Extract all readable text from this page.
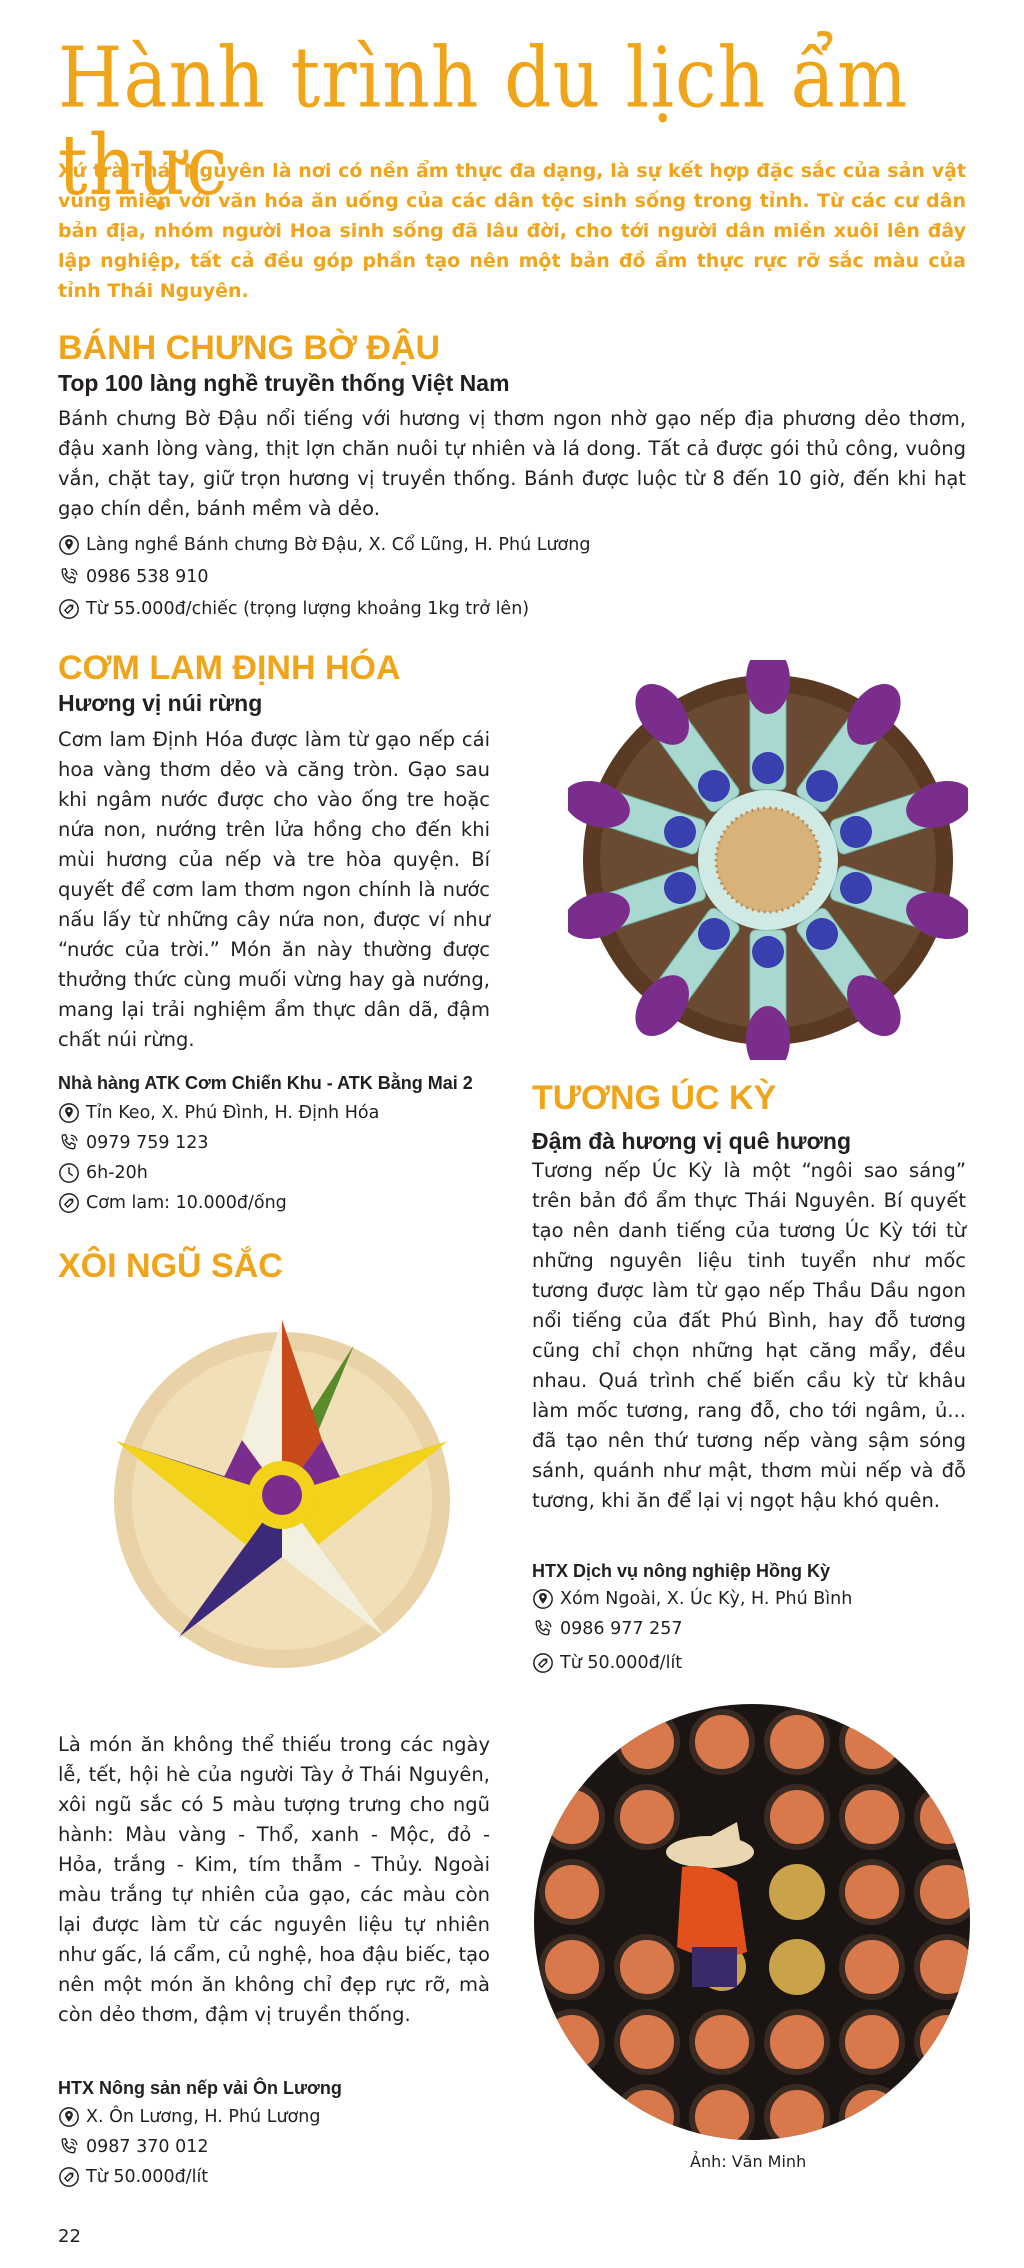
Hành trình du lịch ẩm thực
Xứ trà Thái Nguyên là nơi có nền ẩm thực đa dạng, là sự kết hợp đặc sắc của sản vật vùng miền với văn hóa ăn uống của các dân tộc sinh sống trong tỉnh. Từ các cư dân bản địa, nhóm người Hoa sinh sống đã lâu đời, cho tới người dân miền xuôi lên đây lập nghiệp, tất cả đều góp phần tạo nên một bản đồ ẩm thực rực rỡ sắc màu của tỉnh Thái Nguyên.
BÁNH CHƯNG BỜ ĐẬU
Top 100 làng nghề truyền thống Việt Nam
Bánh chưng Bờ Đậu nổi tiếng với hương vị thơm ngon nhờ gạo nếp địa phương dẻo thơm, đậu xanh lòng vàng, thịt lợn chăn nuôi tự nhiên và lá dong. Tất cả được gói thủ công, vuông vắn, chặt tay, giữ trọn hương vị truyền thống. Bánh được luộc từ 8 đến 10 giờ, đến khi hạt gạo chín dền, bánh mềm và dẻo.
Làng nghề Bánh chưng Bờ Đậu, X. Cổ Lũng, H. Phú Lương
0986 538 910
Từ 55.000đ/chiếc (trọng lượng khoảng 1kg trở lên)
CƠM LAM ĐỊNH HÓA
Hương vị núi rừng
Cơm lam Định Hóa được làm từ gạo nếp cái hoa vàng thơm dẻo và căng tròn. Gạo sau khi ngâm nước được cho vào ống tre hoặc nứa non, nướng trên lửa hồng cho đến khi mùi hương của nếp và tre hòa quyện. Bí quyết để cơm lam thơm ngon chính là nước nấu lấy từ những cây nứa non, được ví như “nước của trời.” Món ăn này thường được thưởng thức cùng muối vừng hay gà nướng, mang lại trải nghiệm ẩm thực dân dã, đậm chất núi rừng.
Nhà hàng ATK Cơm Chiến Khu - ATK Bằng Mai 2
Tỉn Keo, X. Phú Đình, H. Định Hóa
0979 759 123
6h-20h
Cơm lam: 10.000đ/ống
TƯƠNG ÚC KỲ
Đậm đà hương vị quê hương
Tương nếp Úc Kỳ là một “ngôi sao sáng” trên bản đồ ẩm thực Thái Nguyên. Bí quyết tạo nên danh tiếng của tương Úc Kỳ tới từ những nguyên liệu tinh tuyển như mốc tương được làm từ gạo nếp Thầu Dầu ngon nổi tiếng của đất Phú Bình, hay đỗ tương cũng chỉ chọn những hạt căng mẩy, đều nhau. Quá trình chế biến cầu kỳ từ khâu làm mốc tương, rang đỗ, cho tới ngâm, ủ... đã tạo nên thứ tương nếp vàng sậm sóng sánh, quánh như mật, thơm mùi nếp và đỗ tương, khi ăn để lại vị ngọt hậu khó quên.
HTX Dịch vụ nông nghiệp Hồng Kỳ
Xóm Ngoài, X. Úc Kỳ, H. Phú Bình
0986 977 257
Từ 50.000đ/lít
XÔI NGŨ SẮC
Là món ăn không thể thiếu trong các ngày lễ, tết, hội hè của người Tày ở Thái Nguyên, xôi ngũ sắc có 5 màu tượng trưng cho ngũ hành: Màu vàng - Thổ, xanh - Mộc, đỏ - Hỏa, trắng - Kim, tím thẫm - Thủy. Ngoài màu trắng tự nhiên của gạo, các màu còn lại được làm từ các nguyên liệu tự nhiên như gấc, lá cẩm, củ nghệ, hoa đậu biếc, tạo nên một món ăn không chỉ đẹp rực rỡ, mà còn dẻo thơm, đậm vị truyền thống.
HTX Nông sản nếp vải Ôn Lương
X. Ôn Lương, H. Phú Lương
0987 370 012
Từ 50.000đ/lít
Ảnh: Văn Minh
22
